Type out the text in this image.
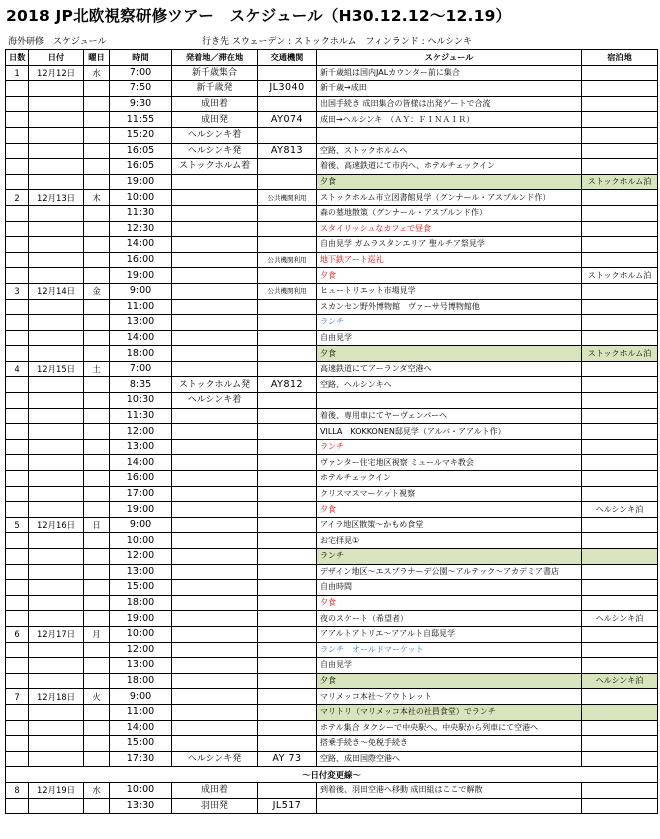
2018 JP北欧視察研修ツアー　スケジュール（H30.12.12〜12.19）
海外研修　スケジュール	行き先 スウェーデン : ストックホルム　フィンランド : ヘルシンキ
日数	日付	曜日	時間	発着地／滞在地	交通機関	スケジュール	宿泊地
1	12月12日	水	7:00	新千歳集合		新千歳組は国内JALカウンター前に集合	
			7:50	新千歳発	JL3040	新千歳→成田	
			9:30	成田着		出国手続き 成田集合の皆様は出発ゲートで合流	
			11:55	成田発	AY074	成田→ヘルシンキ　（ＡＹ：ＦＩＮＡＩＲ）	
			15:20	ヘルシンキ着			
			16:05	ヘルシンキ発	AY813	空路、ストックホルムへ	
			16:05	ストックホルム着		着後、高速鉄道にて市内へ、ホテルチェックイン	
			19:00			夕食	ストックホルム泊
2	12月13日	木	10:00		公共機関利用	ストックホルム市立図書館見学（グンナール・アスプルンド作）	
			11:30			森の墓地散策（グンナール・アスプルンド作）	
			12:30			スタイリッシュなカフェで昼食	
			14:00			自由見学 ガムラスタンエリア 聖ルチア祭見学	
			16:00		公共機関利用	地下鉄アート巡礼	
			19:00			夕食	ストックホルム泊
3	12月14日	金	9:00		公共機関利用	ヒュートリエット市場見学	
			11:00			スカンセン野外博物館　ヴァーサ号博物館他	
			13:00			ランチ	
			14:00			自由見学	
			18:00			夕食	ストックホルム泊
4	12月15日	土	7:00			高速鉄道にてアーランダ空港へ	
			8:35	ストックホルム発	AY812	空路、ヘルシンキへ	
			10:30	ヘルシンキ着			
			11:30			着後、専用車にてヤーヴェンパーへ	
			12:00			VILLA　KOKKONEN邸見学（アルバ・アアルト作）	
			13:00			ランチ	
			14:00			ヴァンター住宅地区視察 ミュールマキ教会	
			16:00			ホテルチェックイン	
			17:00			クリスマスマーケット視察	
			19:00			夕食	ヘルシンキ泊
5	12月16日	日	9:00			アイラ地区散策〜かもめ食堂	
			10:00			お宅拝見①	
			12:00			ランチ	
			13:00			デザイン地区〜エスプラナーデ公園〜アルテック〜アカデミア書店	
			15:00			自由時間	
			18:00			夕食	
			19:00			夜のスケート（希望者）	ヘルシンキ泊
6	12月17日	月	10:00			アアルトアトリエ〜アアルト自邸見学	
			12:00			ランチ　オールドマーケット	
			13:00			自由見学	
			18:00			夕食	ヘルシンキ泊
7	12月18日	火	9:00			マリメッコ本社〜アウトレット	
			11:00			マリトリ（マリメッコ本社の社員食堂）でランチ	
			14:00			ホテル集合 タクシーで中央駅へ。中央駅から列車にて空港へ	
			15:00			搭乗手続き〜免税手続き	
			17:30	ヘルシンキ発	AY 73	空路、成田国際空港へ	
〜日付変更線〜							
8	12月19日	水	10:00	成田着		到着後、羽田空港へ移動 成田組はここで解散	
			13:30	羽田発	JL517		
